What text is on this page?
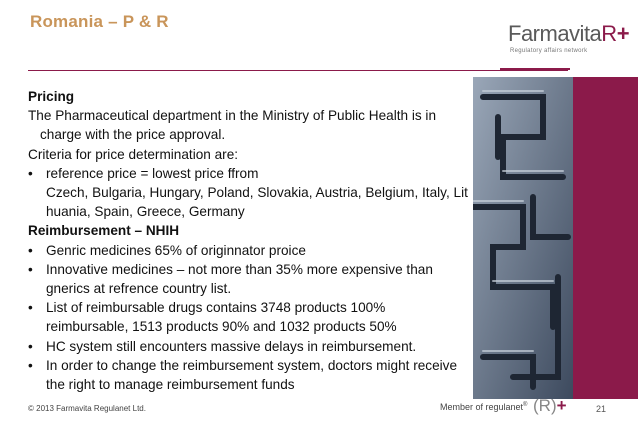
Romania – P & R	FarmavitaR+
Regulatory affairs network

Pricing

The Pharmaceutical department in the Ministry of Public Health is in

charge with the price approval.

Criteria for price determination are:

• reference price = lowest price ffrom
Czech, Bulgaria, Hungary, Poland, Slovakia, Austria, Belgium, Italy, Lit
huania, Spain, Greece, Germany

Reimbursement – NHIH

• Genric medicines 65% of originnator proice
• Innovative medicines – not more than 35% more expensive than
gnerics at refrence country list.
• List of reimbursable drugs contains 3748 products 100%
reimbursable, 1513 products 90% and 1032 products 50%
• HC system still encounters massive delays in reimbursement.
• In order to change the reimbursement system, doctors might receive
the right to manage reimbursement funds
© 2013 Farmavita Regulanet Ltd.	Member of regulanet® (R)+	21
